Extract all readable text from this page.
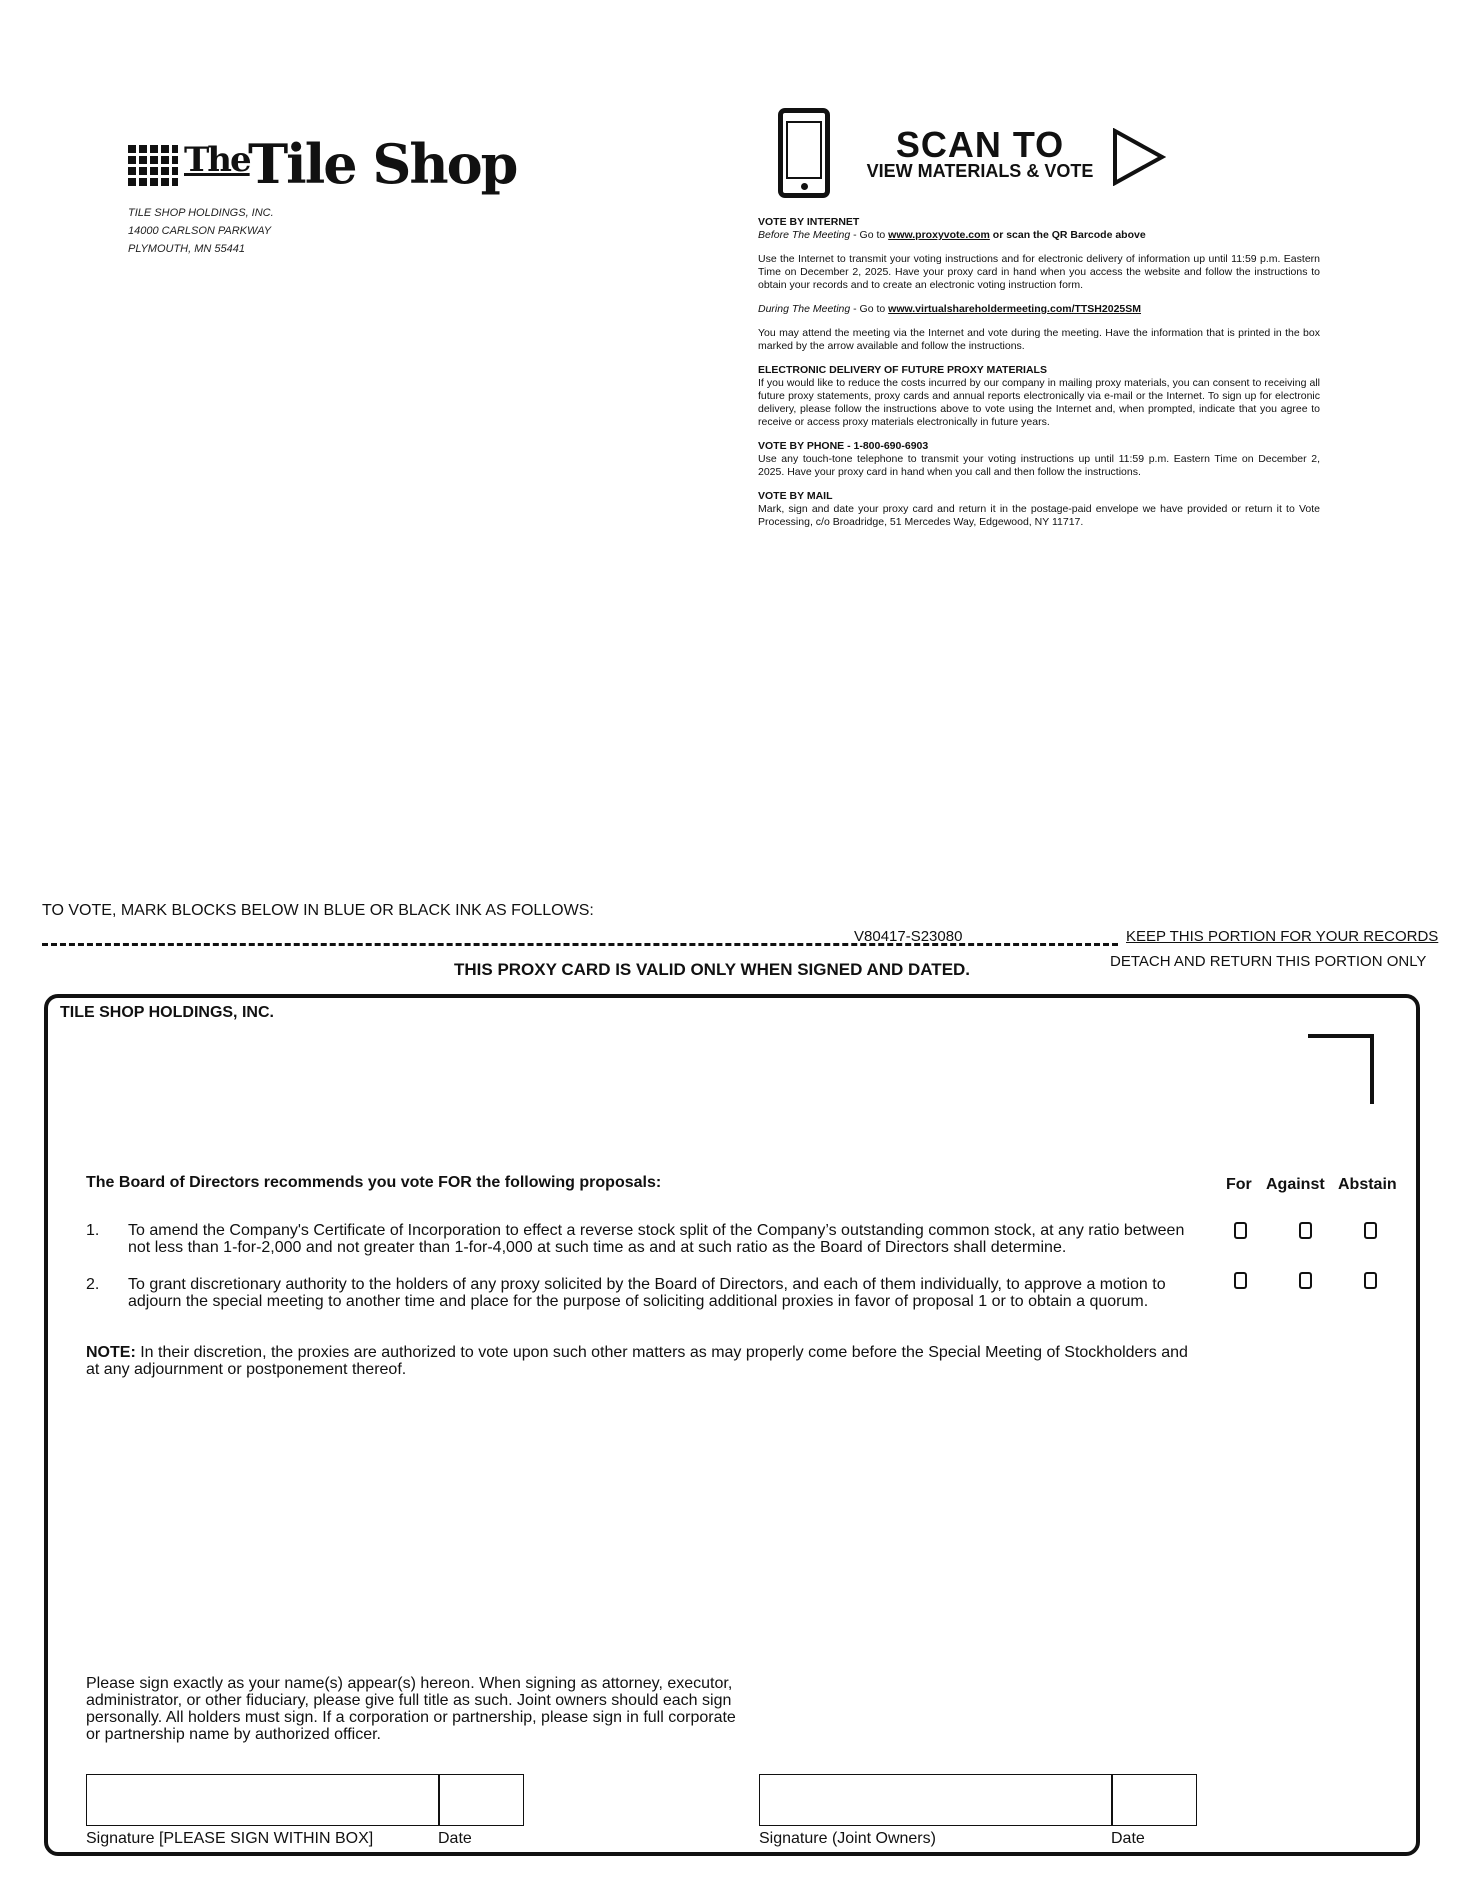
The
Tile Shop
TILE SHOP HOLDINGS, INC.
14000 CARLSON PARKWAY
PLYMOUTH, MN 55441
SCAN TO
VIEW MATERIALS & VOTE

VOTE BY INTERNET
Before The Meeting - Go to www.proxyvote.com or scan the QR Barcode above

Use the Internet to transmit your voting instructions and for electronic delivery of information up until 11:59 p.m. Eastern Time on December 2, 2025. Have your proxy card in hand when you access the website and follow the instructions to obtain your records and to create an electronic voting instruction form.

During The Meeting - Go to www.virtualshareholdermeeting.com/TTSH2025SM

You may attend the meeting via the Internet and vote during the meeting. Have the information that is printed in the box marked by the arrow available and follow the instructions.

ELECTRONIC DELIVERY OF FUTURE PROXY MATERIALS
If you would like to reduce the costs incurred by our company in mailing proxy materials, you can consent to receiving all future proxy statements, proxy cards and annual reports electronically via e-mail or the Internet. To sign up for electronic delivery, please follow the instructions above to vote using the Internet and, when prompted, indicate that you agree to receive or access proxy materials electronically in future years.

VOTE BY PHONE - 1-800-690-6903
Use any touch-tone telephone to transmit your voting instructions up until 11:59 p.m. Eastern Time on December 2, 2025. Have your proxy card in hand when you call and then follow the instructions.

VOTE BY MAIL
Mark, sign and date your proxy card and return it in the postage-paid envelope we have provided or return it to Vote Processing, c/o Broadridge, 51 Mercedes Way, Edgewood, NY 11717.

TO VOTE, MARK BLOCKS BELOW IN BLUE OR BLACK INK AS FOLLOWS:
V80417-S23080	KEEP THIS PORTION FOR YOUR RECORDS
DETACH AND RETURN THIS PORTION ONLY
THIS PROXY CARD IS VALID ONLY WHEN SIGNED AND DATED.
TILE SHOP HOLDINGS, INC.
The Board of Directors recommends you vote FOR the following proposals:	For Against Abstain
1. To amend the Company's Certificate of Incorporation to effect a reverse stock split of the Company’s outstanding common stock, at any ratio between not less than 1-for-2,000 and not greater than 1-for-4,000 at such time as and at such ratio as the Board of Directors shall determine.
2. To grant discretionary authority to the holders of any proxy solicited by the Board of Directors, and each of them individually, to approve a motion to adjourn the special meeting to another time and place for the purpose of soliciting additional proxies in favor of proposal 1 or to obtain a quorum.
NOTE: In their discretion, the proxies are authorized to vote upon such other matters as may properly come before the Special Meeting of Stockholders and at any adjournment or postponement thereof.
Please sign exactly as your name(s) appear(s) hereon. When signing as attorney, executor, administrator, or other fiduciary, please give full title as such. Joint owners should each sign personally. All holders must sign. If a corporation or partnership, please sign in full corporate or partnership name by authorized officer.
Signature [PLEASE SIGN WITHIN BOX]	Date	Signature (Joint Owners)	Date
